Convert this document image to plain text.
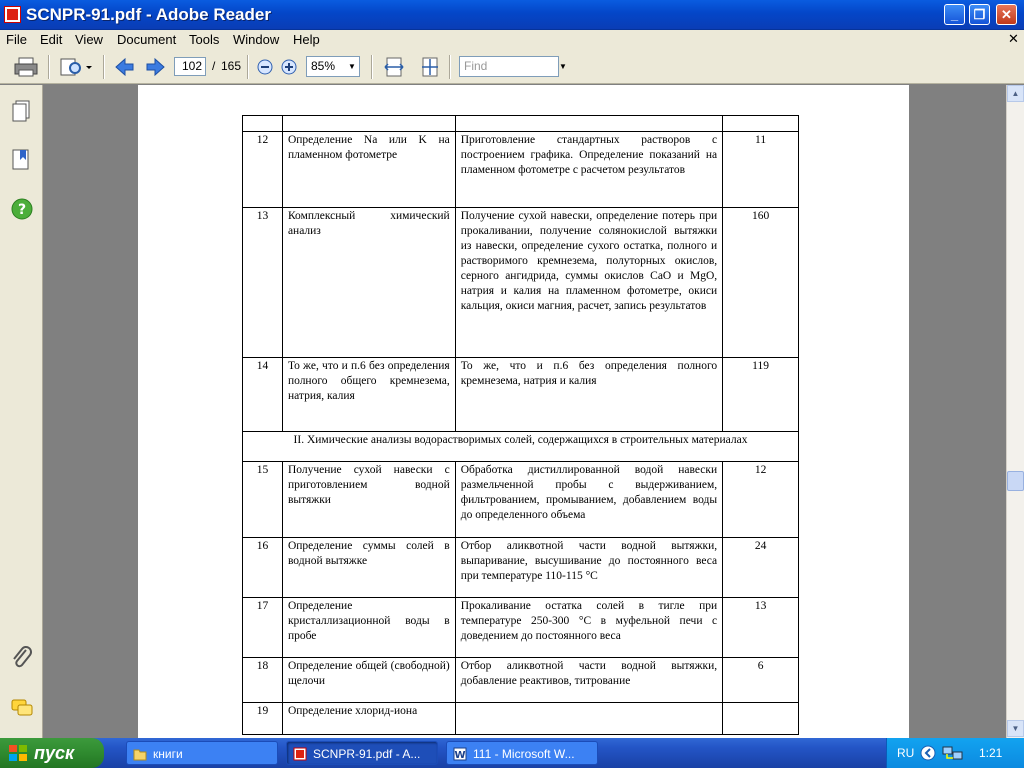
SCNPR-91.pdf - Adobe Reader	_	❐	✕
File Edit View Document Tools Window Help	✕
102 / 165	85%	▼	Find	▼
?

12	Определение Na или K на пламенном фотометре	Приготовление стандартных растворов с построением графика. Определение показаний на пламенном фотометре с расчетом результатов	11
13	Комплексный химический анализ	Получение сухой навески, определение потерь при прокаливании, получение солянокислой вытяжки из навески, определение сухого остатка, полного и растворимого кремнезема, полуторных окислов, серного ангидрида, суммы окислов CaO и MgO, натрия и калия на пламенном фотометре, окиси кальция, окиси магния, расчет, запись результатов	160
14	То же, что и п.6 без определения полного общего кремнезема, натрия, калия	То же, что и п.6 без определения полного кремнезема, натрия и калия	119
II. Химические анализы водорастворимых солей, содержащихся в строительных материалах			
15	Получение сухой навески с приготовлением водной вытяжки	Обработка дистиллированной водой навески размельченной пробы с выдерживанием, фильтрованием, промыванием, добавлением воды до определенного объема	12
16	Определение суммы солей в водной вытяжке	Отбор аликвотной части водной вытяжки, выпаривание, высушивание до постоянного веса при температуре 110-115 °C	24
17	Определение кристаллизационной воды в пробе	Прокаливание остатка солей в тигле при температуре 250-300 °C в муфельной печи с доведением до постоянного веса	13
18	Определение общей (свободной) щелочи	Отбор аликвотной части водной вытяжки, добавление реактивов, титрование	6
19	Определение хлорид-иона		
▲
▼
пуск	книги	SCNPR-91.pdf - A...	W 111 - Microsoft W...	RU	1:21
